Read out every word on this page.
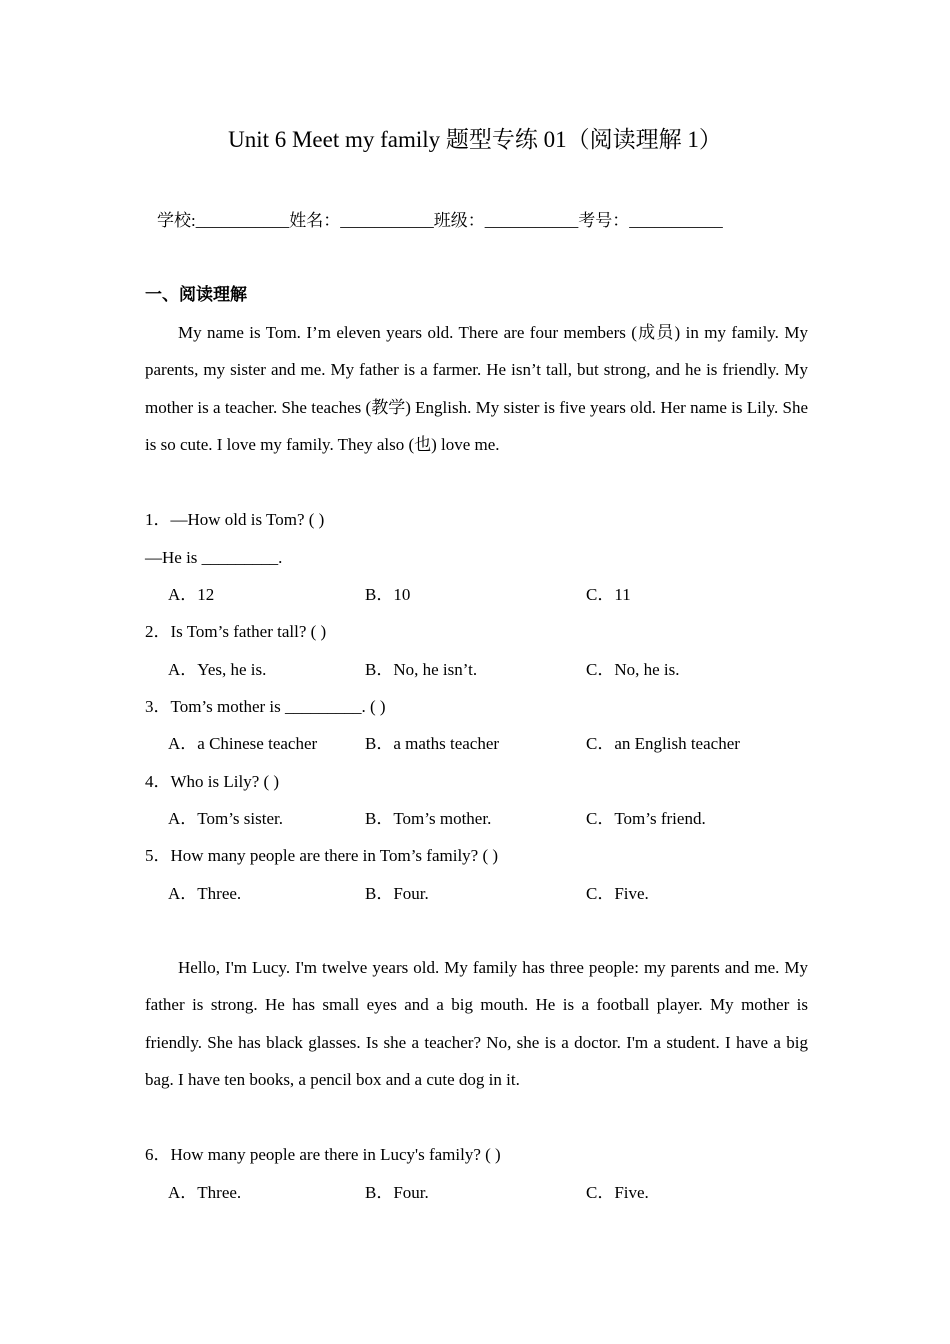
Unit 6 Meet my family 题型专练 01（阅读理解 1）
学校:___________姓名：___________班级：___________考号：___________
一、阅读理解
My name is Tom. I’m eleven years old. There are four members (成员) in my family. My parents, my sister and me. My father is a farmer. He isn’t tall, but strong, and he is friendly. My mother is a teacher. She teaches (教学) English. My sister is five years old. Her name is Lily. She is so cute. I love my family. They also (也) love me.
1．—How old is Tom? ( )
—He is _________.
A．12	B．10	C．11
2．Is Tom’s father tall? ( )
A．Yes, he is.	B．No, he isn’t.	C．No, he is.
3．Tom’s mother is _________. ( )
A．a Chinese teacher	B．a maths teacher	C．an English teacher
4．Who is Lily? ( )
A．Tom’s sister.	B．Tom’s mother.	C．Tom’s friend.
5．How many people are there in Tom’s family? ( )
A．Three.	B．Four.	C．Five.
Hello, I'm Lucy. I'm twelve years old. My family has three people: my parents and me. My father is strong. He has small eyes and a big mouth. He is a football player. My mother is friendly. She has black glasses. Is she a teacher? No, she is a doctor. I'm a student. I have a big bag. I have ten books, a pencil box and a cute dog in it.
6．How many people are there in Lucy's family? ( )
A．Three.	B．Four.	C．Five.
